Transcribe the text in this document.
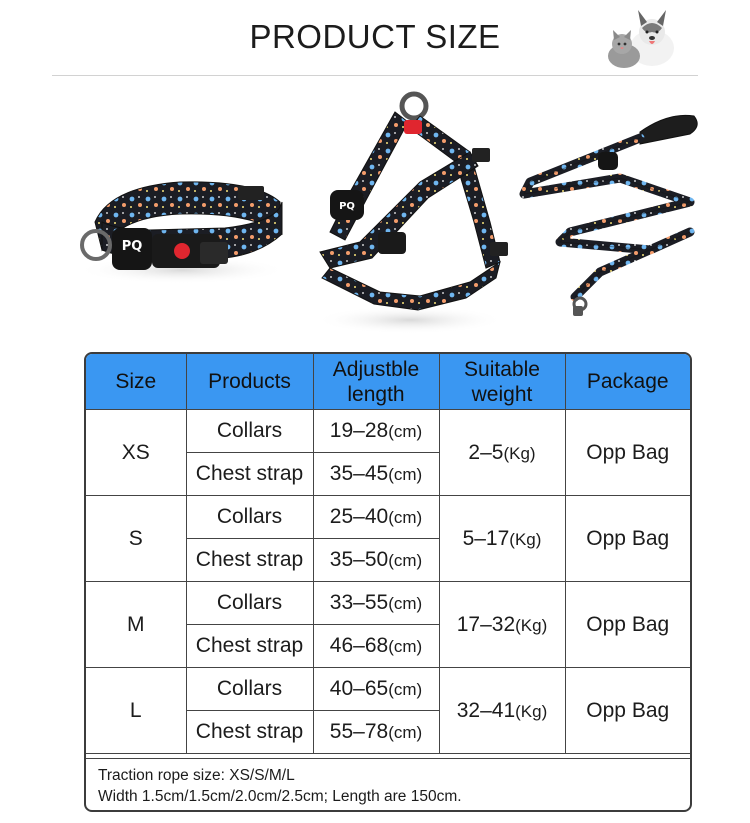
PRODUCT SIZE
PQ
PQ
Size	Products	Adjustble length	Suitable weight	Package
XS	Collars	19–28(cm)	2–5(Kg)	Opp Bag
	Chest strap	35–45(cm)		
S	Collars	25–40(cm)	5–17(Kg)	Opp Bag
	Chest strap	35–50(cm)		
M	Collars	33–55(cm)	17–32(Kg)	Opp Bag
	Chest strap	46–68(cm)		
L	Collars	40–65(cm)	32–41(Kg)	Opp Bag
	Chest strap	55–78(cm)		
Traction rope size: XS/S/M/L
Width 1.5cm/1.5cm/2.0cm/2.5cm; Length are 150cm.
